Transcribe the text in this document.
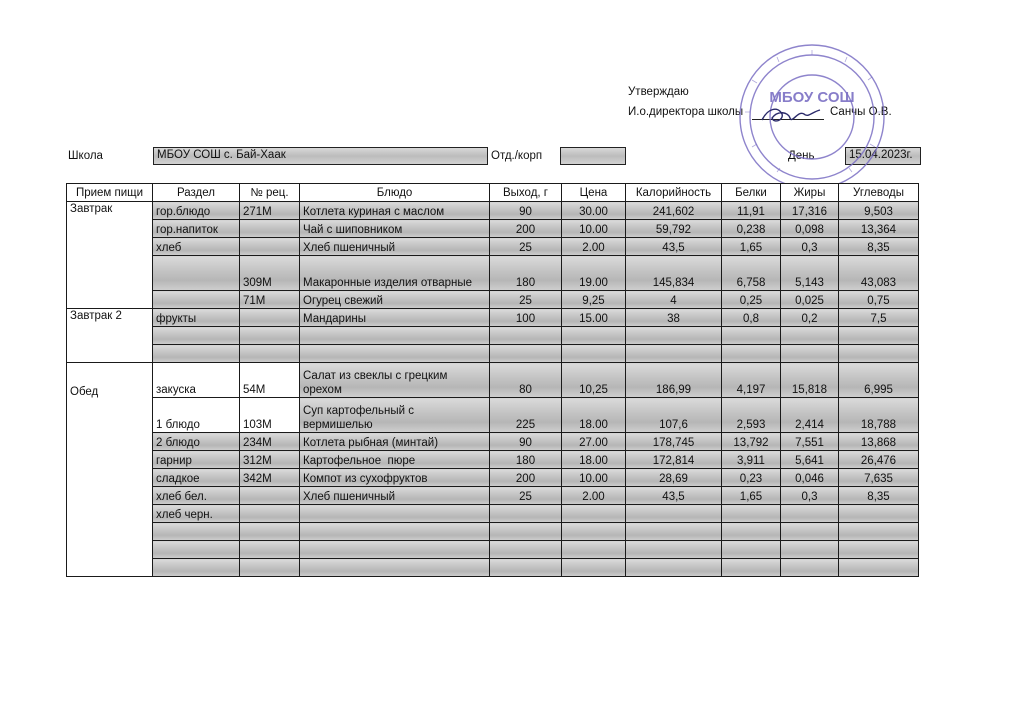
Утверждаю
И.о.директора школы	Санчы О.В.
Школа	МБОУ СОШ с. Бай-Хаак	Отд./корп	День	15.04.2023г.
МБОУ СОШ
Прием пищи	Раздел	№ рец.	Блюдо	Выход, г	Цена	Калорийность	Белки	Жиры	Углеводы
Завтрак	гор.блюдо	271М	Котлета куриная с маслом	90	30.00	241,602	11,91	17,316	9,503
	гор.напиток		Чай с шиповником	200	10.00	59,792	0,238	0,098	13,364
	хлеб		Хлеб пшеничный	25	2.00	43,5	1,65	0,3	8,35
		309М	Макаронные изделия отварные	180	19.00	145,834	6,758	5,143	43,083
		71М	Огурец свежий	25	9,25	4	0,25	0,025	0,75
Завтрак 2	фрукты		Мандарины	100	15.00	38	0,8	0,2	7,5

Обед	закуска	54М	Салат из свеклы с грецким орехом	80	10,25	186,99	4,197	15,818	6,995
	1 блюдо	103М	Суп картофельный с вермишелью	225	18.00	107,6	2,593	2,414	18,788
	2 блюдо	234М	Котлета рыбная (минтай)	90	27.00	178,745	13,792	7,551	13,868
	гарнир	312М	Картофельное  пюре	180	18.00	172,814	3,911	5,641	26,476
	сладкое	342М	Компот из сухофруктов	200	10.00	28,69	0,23	0,046	7,635
	хлеб бел.		Хлеб пшеничный	25	2.00	43,5	1,65	0,3	8,35
	хлеб черн.								
